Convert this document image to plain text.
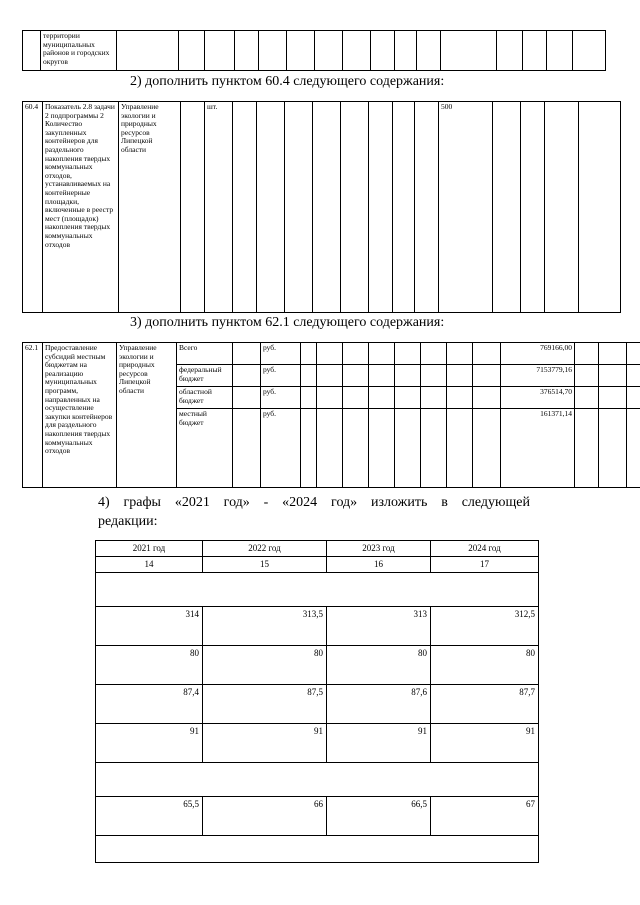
	территории муниципальных районов и городских округов																
2) дополнить пунктом 60.4 следующего содержания:
60.4	Показатель 2.8 задачи 2 подпрограммы 2 Количество закупленных контейнеров для раздельного накопления твердых коммунальных отходов, устанавливаемых на контейнерные площадки, включенные в реестр мест (площадок) накопления твердых коммунальных отходов	Управление экологии и природных ресурсов Липецкой области		шт.									500				
3) дополнить пунктом 62.1 следующего содержания:
62.1	Предоставление субсидий местным бюджетам на реализацию муниципальных программ, направленных на осуществление закупки контейнеров для раздельного накопления твердых коммунальных отходов	Управление экологии и природных ресурсов Липецкой области	Всего		руб.									769166,00			
			федеральный бюджет		руб.									7153779,16			
			областной бюджет		руб.									376514,70			
			местный бюджет		руб.									161371,14			
4) графы «2021 год» - «2024 год» изложить в следующей
редакции:
2021 год	2022 год	2023 год	2024 год
14	15	16	17

314	313,5	313	312,5
80	80	80	80
87,4	87,5	87,6	87,7
91	91	91	91

65,5	66	66,5	67
